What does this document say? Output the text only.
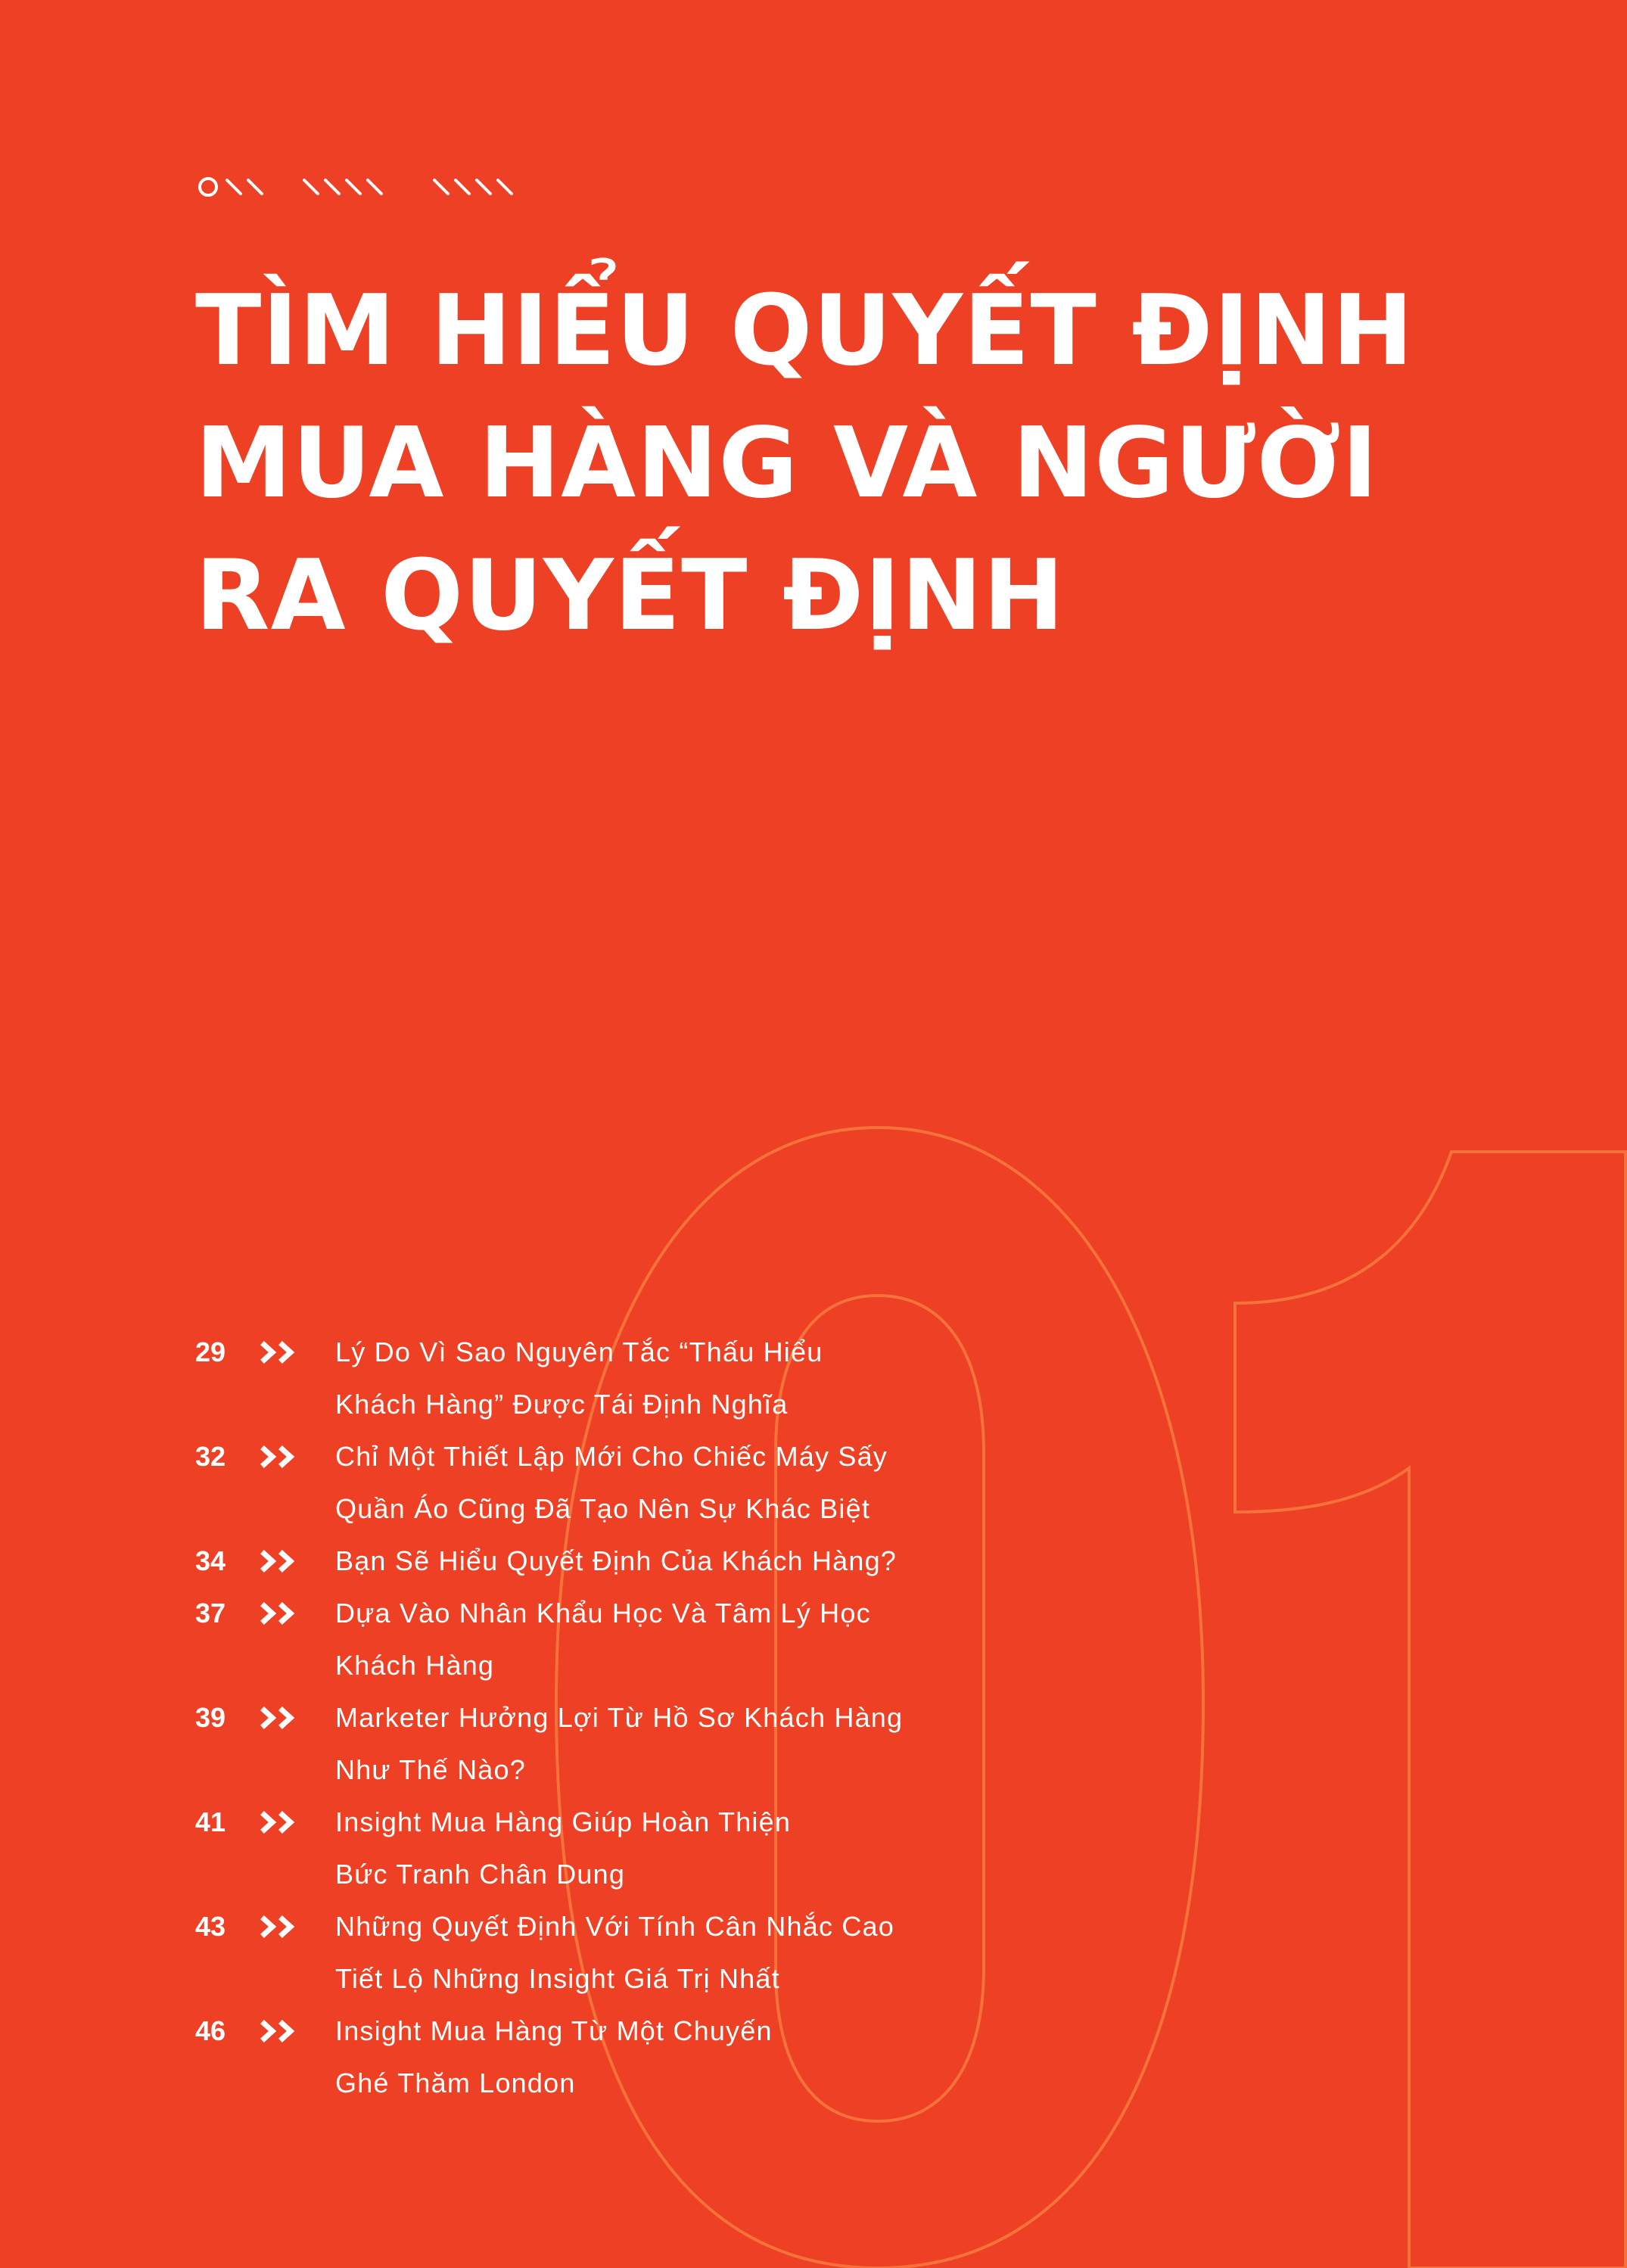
TÌM HIỂU QUYẾT ĐỊNH
MUA HÀNG VÀ NGƯỜI
RA QUYẾT ĐỊNH
29	Lý Do Vì Sao Nguyên Tắc “Thấu Hiểu
Khách Hàng” Được Tái Định Nghĩa
32	Chỉ Một Thiết Lập Mới Cho Chiếc Máy Sấy
Quần Áo Cũng Đã Tạo Nên Sự Khác Biệt
34	Bạn Sẽ Hiểu Quyết Định Của Khách Hàng?
37	Dựa Vào Nhân Khẩu Học Và Tâm Lý Học
Khách Hàng
39	Marketer Hưởng Lợi Từ Hồ Sơ Khách Hàng
Như Thế Nào?
41	Insight Mua Hàng Giúp Hoàn Thiện
Bức Tranh Chân Dung
43	Những Quyết Định Với Tính Cân Nhắc Cao
Tiết Lộ Những Insight Giá Trị Nhất
46	Insight Mua Hàng Từ Một Chuyến
Ghé Thăm London
